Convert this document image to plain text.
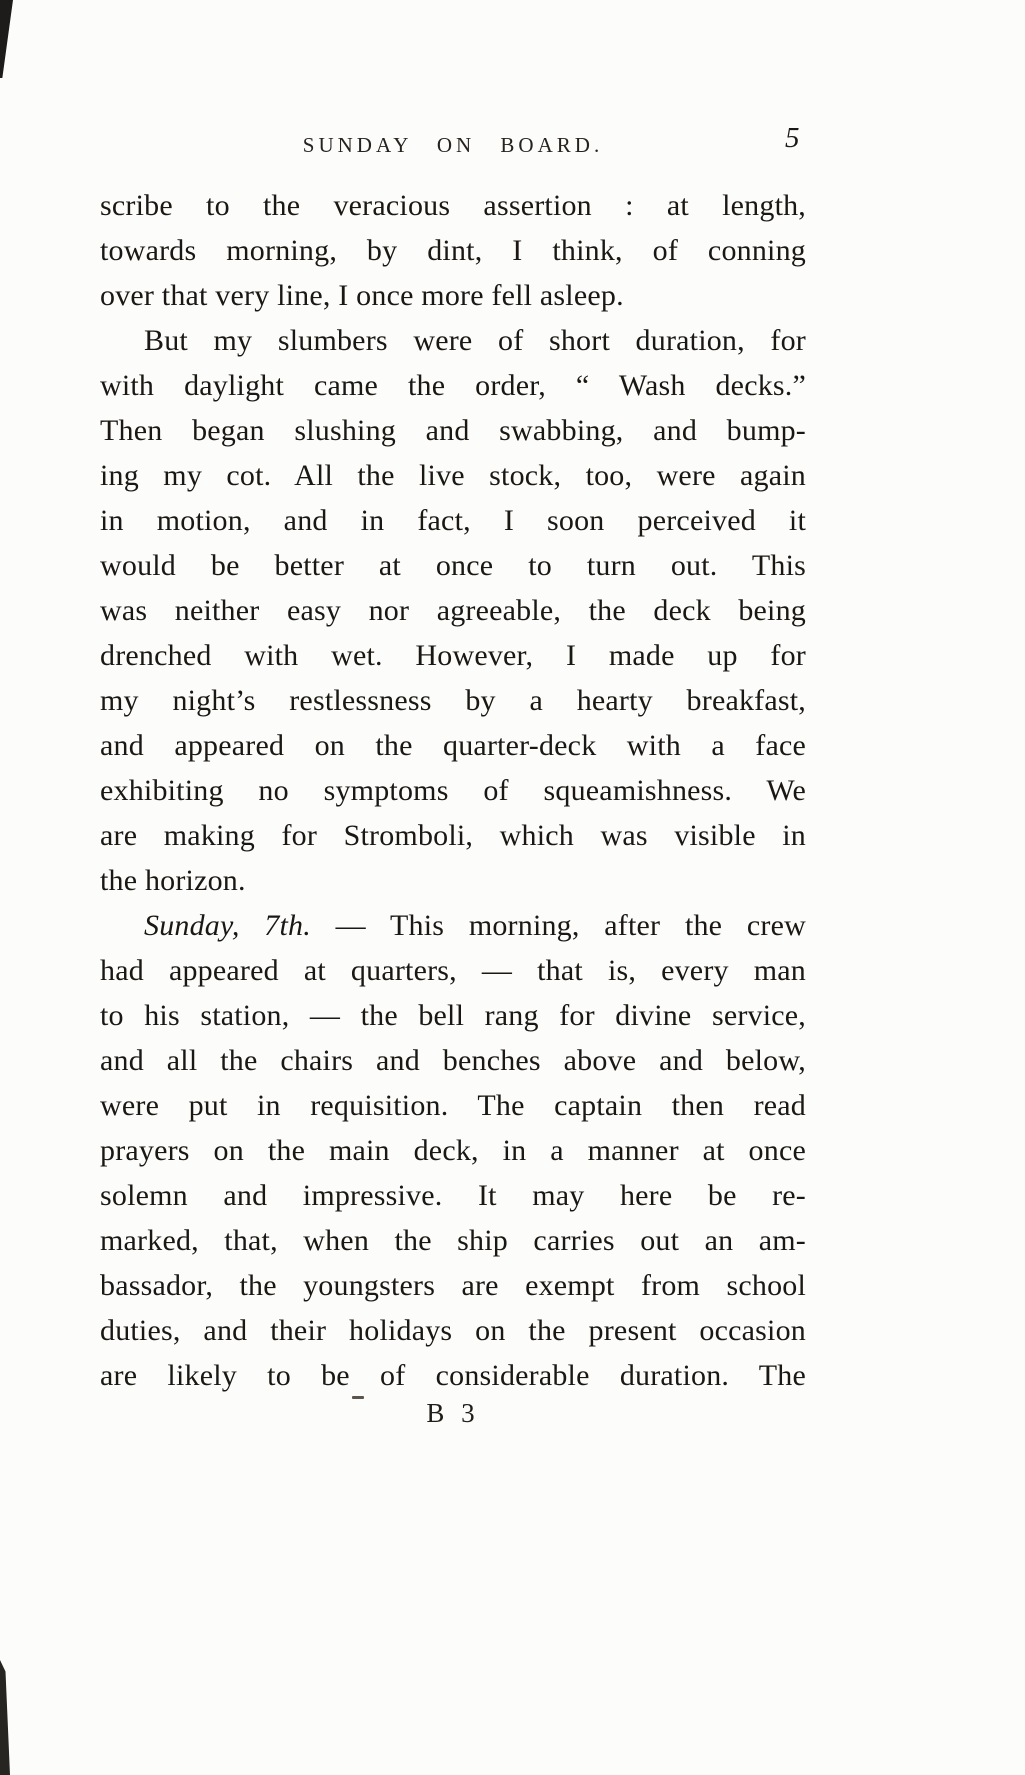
SUNDAY ON BOARD.	5
scribe to the veracious assertion : at length,
towards morning, by dint, I think, of conning
over that very line, I once more fell asleep.
But my slumbers were of short duration, for
with daylight came the order, “ Wash decks.”
Then began slushing and swabbing, and bump-
ing my cot. All the live stock, too, were again
in motion, and in fact, I soon perceived it
would be better at once to turn out. This
was neither easy nor agreeable, the deck being
drenched with wet. However, I made up for
my night’s restlessness by a hearty breakfast,
and appeared on the quarter-deck with a face
exhibiting no symptoms of squeamishness. We
are making for Stromboli, which was visible in
the horizon.
Sunday, 7th. — This morning, after the crew
had appeared at quarters, — that is, every man
to his station, — the bell rang for divine service,
and all the chairs and benches above and below,
were put in requisition. The captain then read
prayers on the main deck, in a manner at once
solemn and impressive. It may here be re-
marked, that, when the ship carries out an am-
bassador, the youngsters are exempt from school
duties, and their holidays on the present occasion
are likely to be of considerable duration. The
B 3
